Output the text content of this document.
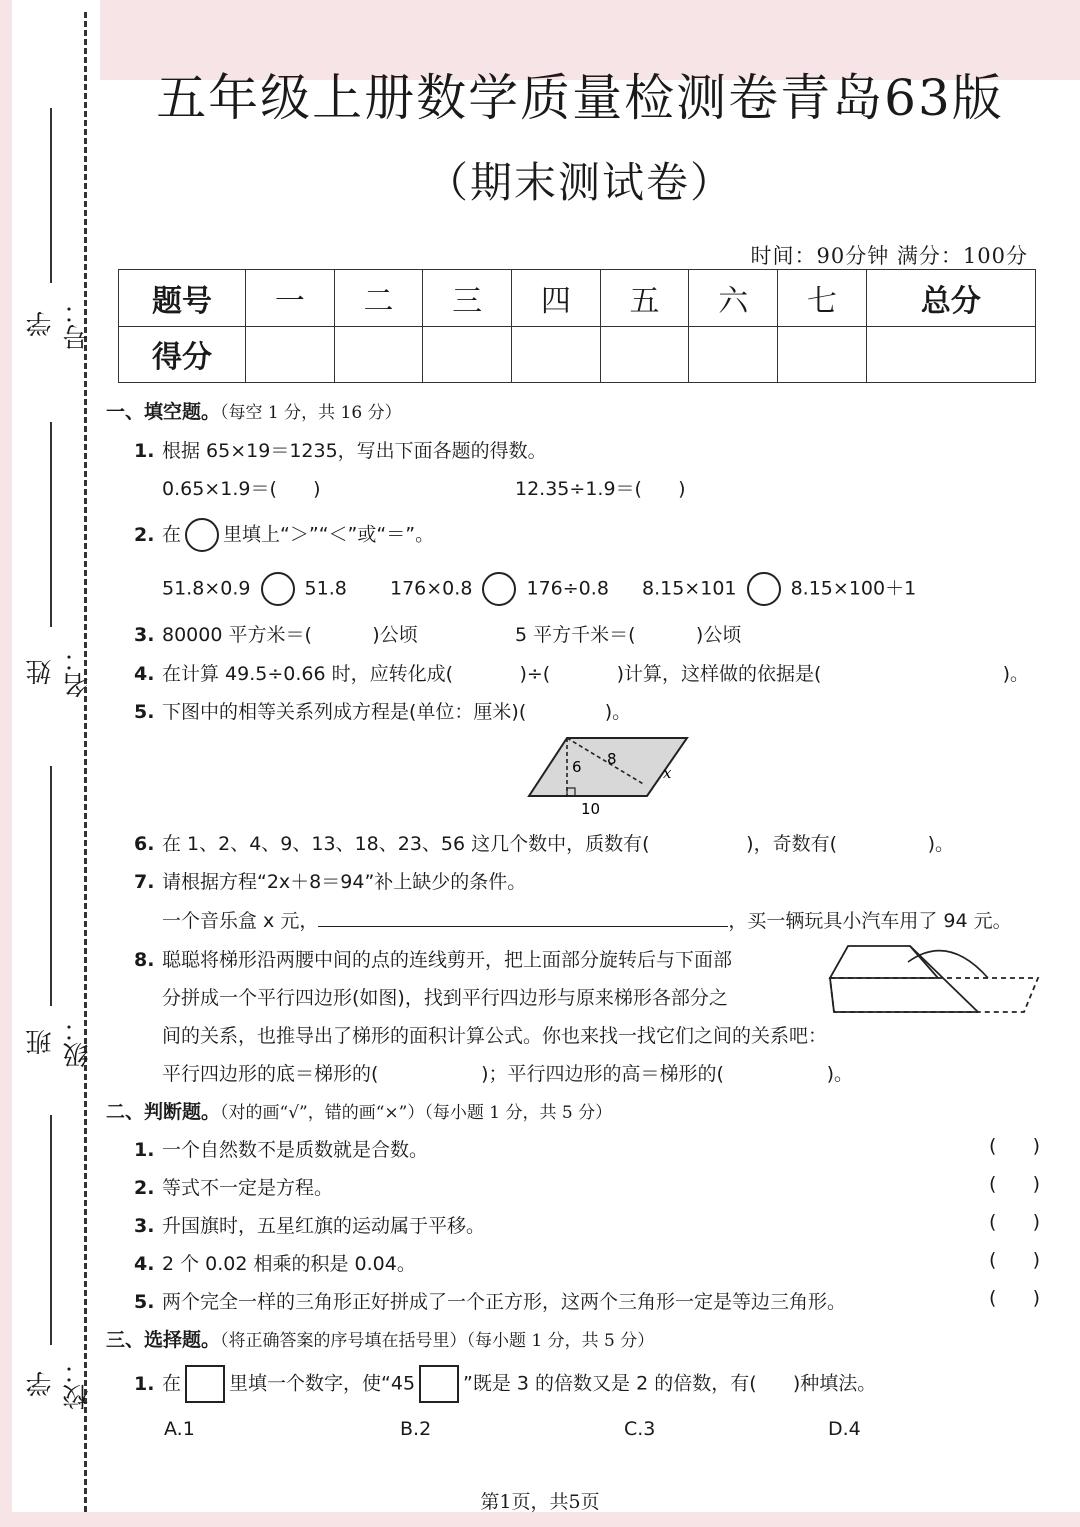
学号：
姓名：
班级：
学校：
五年级上册数学质量检测卷青岛63版
（期末测试卷）
时间：90分钟 满分：100分
题号	一	二	三	四	五	六	七	总分
得分								
一、填空题。（每空 1 分，共 16 分）
1. 根据 65×19＝1235，写出下面各题的得数。
0.65×1.9＝(      )	12.35÷1.9＝(      )
2. 在 里填上“＞”“＜”或“＝”。
51.8×0.9	51.8 176×0.8	176÷0.8 8.15×101	8.15×100＋1
3. 80000 平方米＝(          )公顷	5 平方千米＝(          )公顷
4. 在计算 49.5÷0.66 时，应转化成(           )÷(           )计算，这样做的依据是(                              )。
5. 下图中的相等关系列成方程是(单位：厘米)(             )。
6 8
x
10
6. 在 1、2、4、9、13、18、23、56 这几个数中，质数有(                )，奇数有(               )。
7. 请根据方程“2x＋8＝94”补上缺少的条件。
一个音乐盒 x 元，	，买一辆玩具小汽车用了 94 元。
8. 聪聪将梯形沿两腰中间的点的连线剪开，把上面部分旋转后与下面部
分拼成一个平行四边形(如图)，找到平行四边形与原来梯形各部分之
间的关系，也推导出了梯形的面积计算公式。你也来找一找它们之间的关系吧：
平行四边形的底＝梯形的(                 )；平行四边形的高＝梯形的(                 )。
二、判断题。（对的画“√”，错的画“×”）（每小题 1 分，共 5 分）
1. 一个自然数不是质数就是合数。	(      )
2. 等式不一定是方程。	(      )
3. 升国旗时，五星红旗的运动属于平移。	(      )
4. 2 个 0.02 相乘的积是 0.04。	(      )
5. 两个完全一样的三角形正好拼成了一个正方形，这两个三角形一定是等边三角形。	(      )
三、选择题。（将正确答案的序号填在括号里）（每小题 1 分，共 5 分）
1. 在	里填一个数字，使“45	”既是 3 的倍数又是 2 的倍数，有(      )种填法。
A.1	B.2	C.3	D.4
第1页，共5页
